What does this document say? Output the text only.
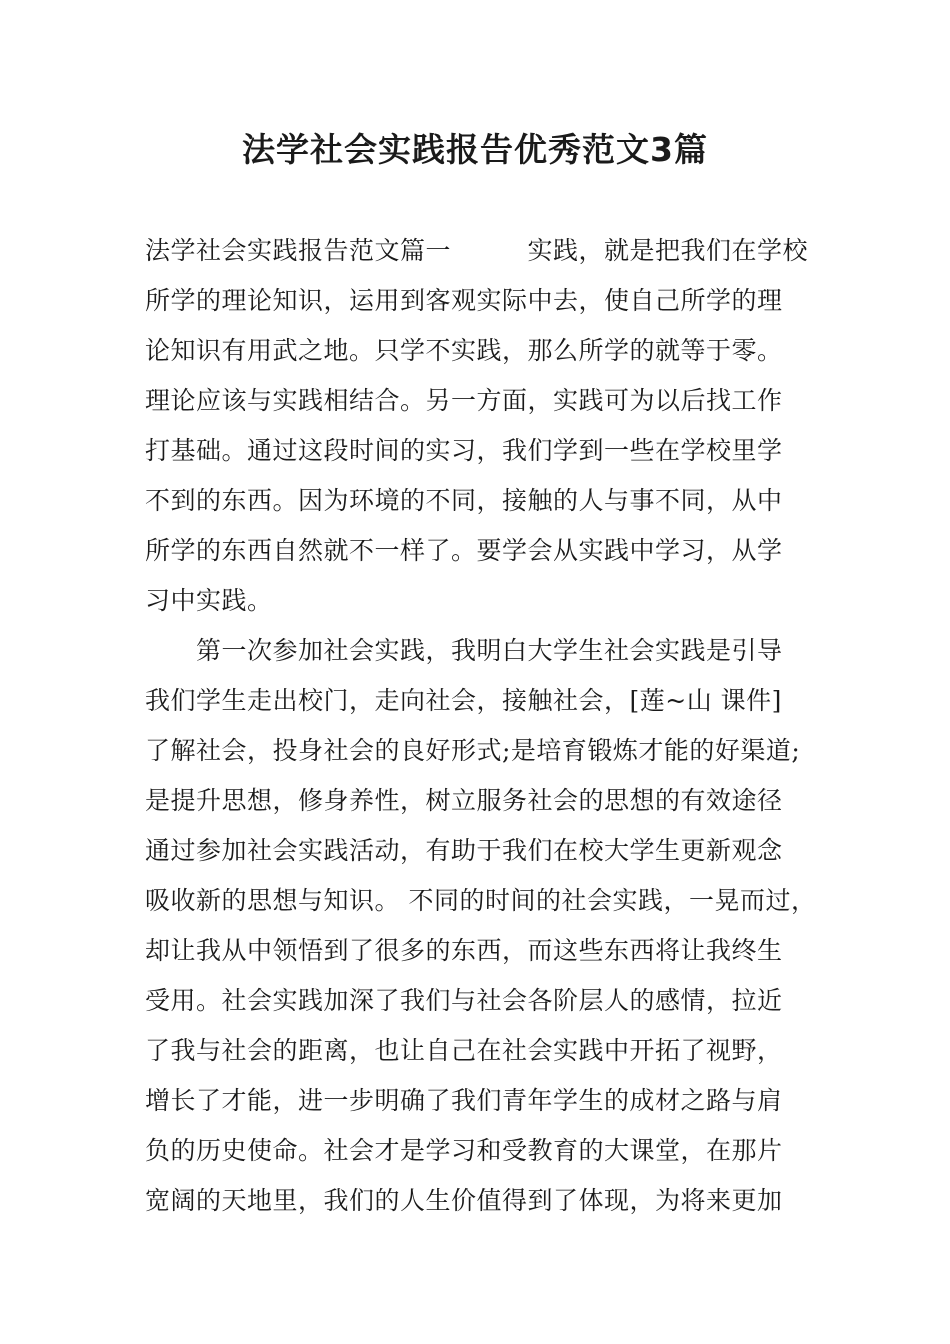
法学社会实践报告优秀范文3篇
法学社会实践报告范文篇一　　　实践，就是把我们在学校
所学的理论知识，运用到客观实际中去，使自己所学的理
论知识有用武之地。只学不实践，那么所学的就等于零。
理论应该与实践相结合。另一方面，实践可为以后找工作
打基础。通过这段时间的实习，我们学到一些在学校里学
不到的东西。因为环境的不同，接触的人与事不同，从中
所学的东西自然就不一样了。要学会从实践中学习，从学
习中实践。
　　第一次参加社会实践，我明白大学生社会实践是引导
我们学生走出校门，走向社会，接触社会，[莲~山 课件]
了解社会，投身社会的良好形式;是培育锻炼才能的好渠道;
是提升思想，修身养性，树立服务社会的思想的有效途径
通过参加社会实践活动，有助于我们在校大学生更新观念
吸收新的思想与知识。 不同的时间的社会实践，一晃而过，
却让我从中领悟到了很多的东西，而这些东西将让我终生
受用。社会实践加深了我们与社会各阶层人的感情，拉近
了我与社会的距离，也让自己在社会实践中开拓了视野，
增长了才能，进一步明确了我们青年学生的成材之路与肩
负的历史使命。社会才是学习和受教育的大课堂，在那片
宽阔的天地里，我们的人生价值得到了体现，为将来更加
